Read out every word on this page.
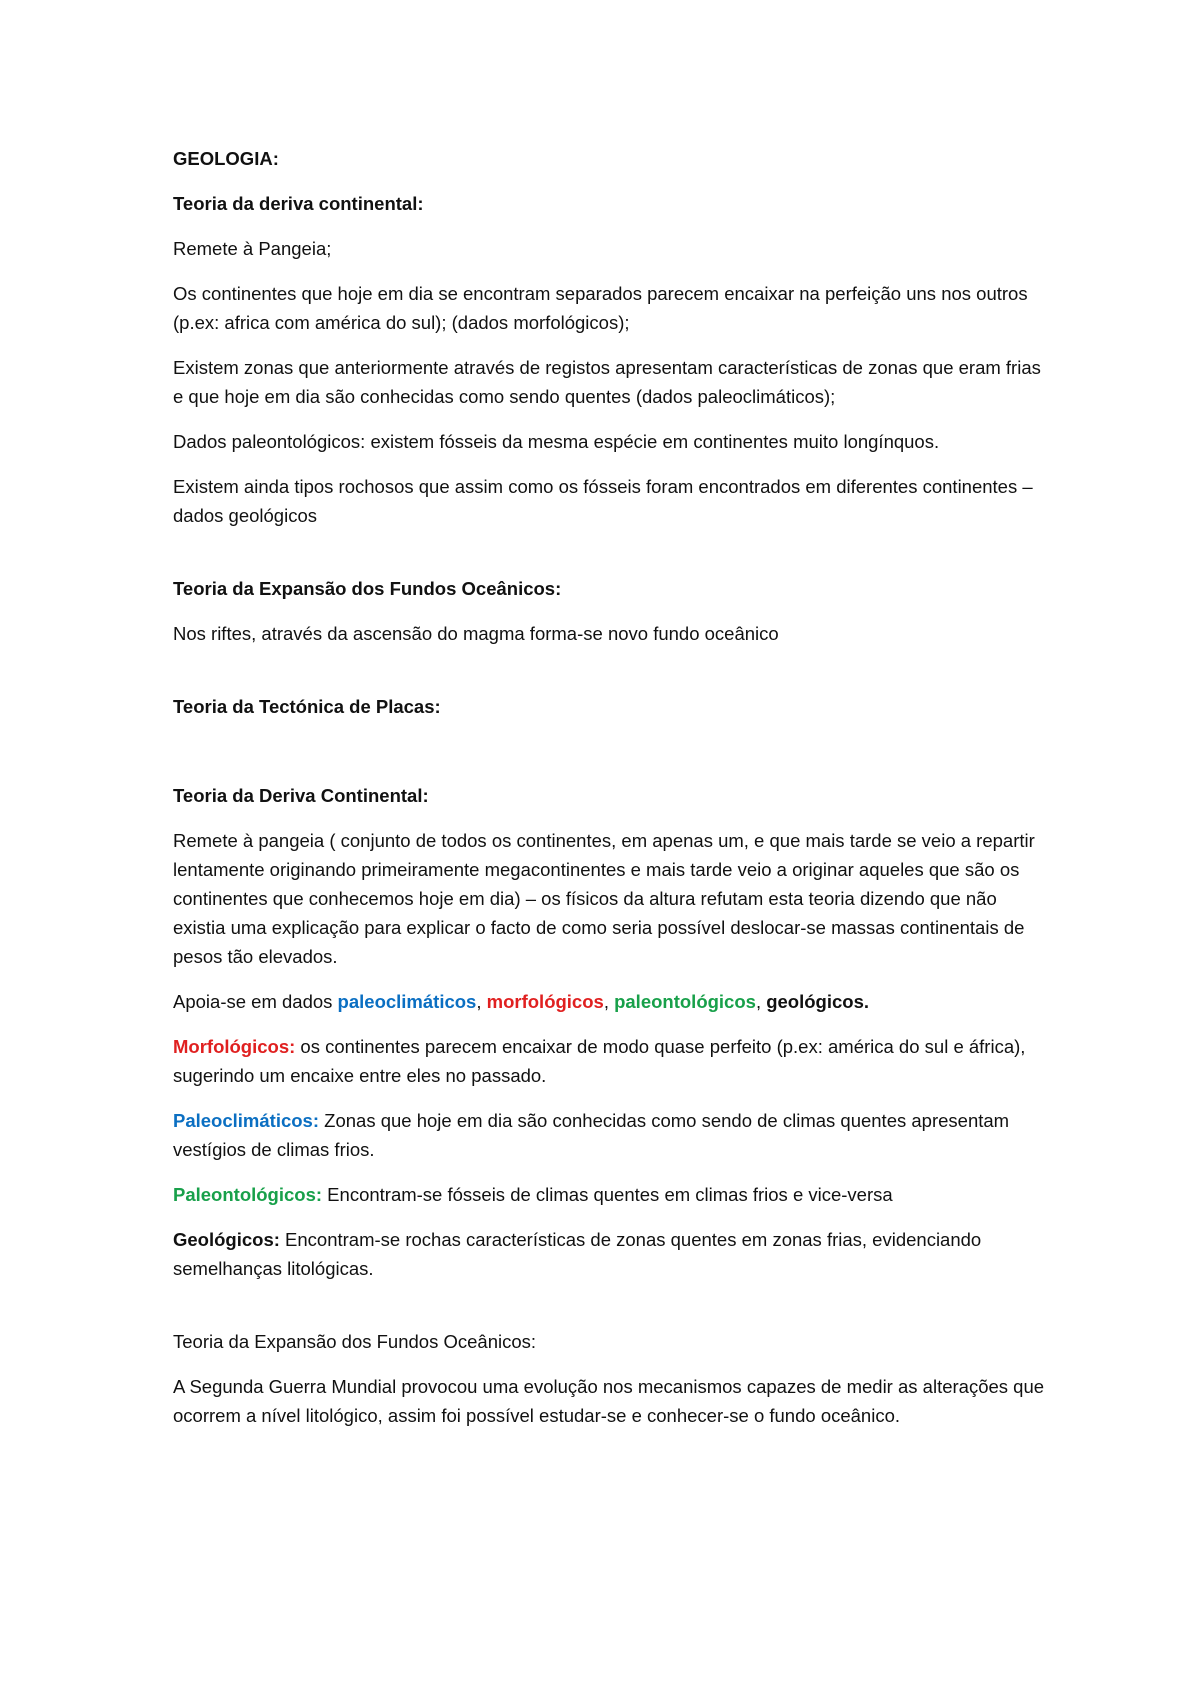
GEOLOGIA:

Teoria da deriva continental:

Remete à Pangeia;

Os continentes que hoje em dia se encontram separados parecem encaixar na perfeição uns nos outros (p.ex: africa com américa do sul); (dados morfológicos);

Existem zonas que anteriormente através de registos apresentam características de zonas que eram frias e que hoje em dia são conhecidas como sendo quentes (dados paleoclimáticos);

Dados paleontológicos: existem fósseis da mesma espécie em continentes muito longínquos.

Existem ainda tipos rochosos que assim como os fósseis foram encontrados em diferentes continentes – dados geológicos

Teoria da Expansão dos Fundos Oceânicos:

Nos riftes, através da ascensão do magma forma-se novo fundo oceânico

Teoria da Tectónica de Placas:

Teoria da Deriva Continental:

Remete à pangeia ( conjunto de todos os continentes, em apenas um, e que mais tarde se veio a repartir lentamente originando primeiramente megacontinentes e mais tarde veio a originar aqueles que são os continentes que conhecemos hoje em dia) – os físicos da altura refutam esta teoria dizendo que não existia uma explicação para explicar o facto de como seria possível deslocar-se massas continentais de pesos tão elevados.

Apoia-se em dados paleoclimáticos, morfológicos, paleontológicos, geológicos.

Morfológicos: os continentes parecem encaixar de modo quase perfeito (p.ex: américa do sul e áfrica), sugerindo um encaixe entre eles no passado.

Paleoclimáticos: Zonas que hoje em dia são conhecidas como sendo de climas quentes apresentam vestígios de climas frios.

Paleontológicos: Encontram-se fósseis de climas quentes em climas frios e vice-versa

Geológicos: Encontram-se rochas características de zonas quentes em zonas frias, evidenciando semelhanças litológicas.

Teoria da Expansão dos Fundos Oceânicos:

A Segunda Guerra Mundial provocou uma evolução nos mecanismos capazes de medir as alterações que ocorrem a nível litológico, assim foi possível estudar-se e conhecer-se o fundo oceânico.
